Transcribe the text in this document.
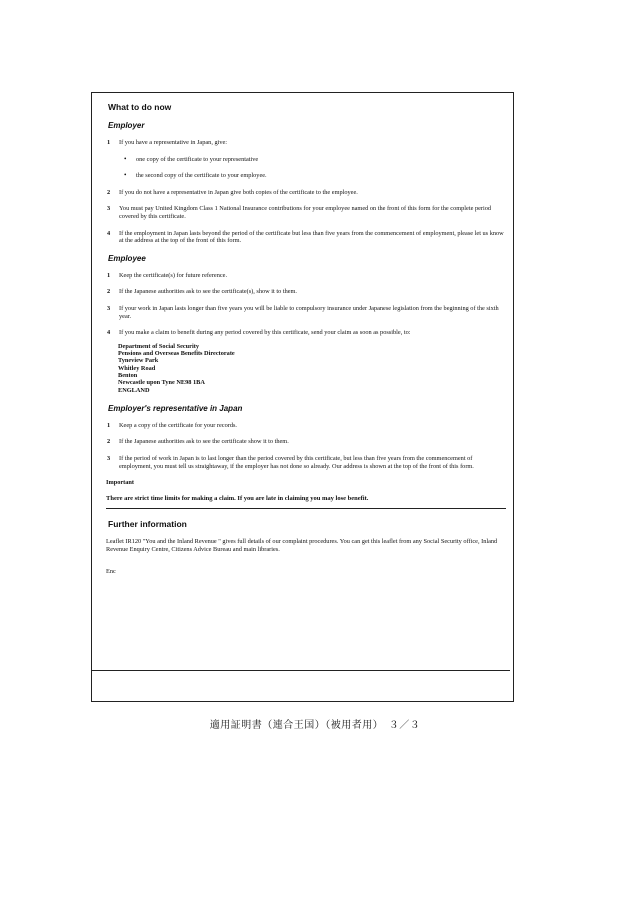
What to do now
Employer
1	If you have a representative in Japan, give:
•	one copy of the certificate to your representative
•	the second copy of the certificate to your employee.
2	If you do not have a representative in Japan give both copies of the certificate to the employee.
3	You must pay United Kingdom Class 1 National Insurance contributions for your employee named on the front of this form for the complete period covered by this certificate.
4	If the employment in Japan lasts beyond the period of the certificate but less than five years from the commencement of employment, please let us know at the address at the top of the front of this form.
Employee
1	Keep the certificate(s) for future reference.
2	If the Japanese authorities ask to see the certificate(s), show it to them.
3	If your work in Japan lasts longer than five years you will be liable to compulsory insurance under Japanese legislation from the beginning of the sixth year.
4	If you make a claim to benefit during any period covered by this certificate, send your claim as soon as possible, to:
Department of Social Security
Pensions and Overseas Benefits Directorate
Tyneview Park
Whitley Road
Benton
Newcastle upon Tyne NE98 1BA
ENGLAND
Employer's representative in Japan
1	Keep a copy of the certificate for your records.
2	If the Japanese authorities ask to see the certificate show it to them.
3	If the period of work in Japan is to last longer than the period covered by this certificate, but less than five years from the commencement of employment, you must tell us straightaway, if the employer has not done so already. Our address is shown at the top of the front of this form.
Important
There are strict time limits for making a claim. If you are late in claiming you may lose benefit.
Further information
Leaflet IR120 "You and the Inland Revenue " gives full details of our complaint procedures. You can get this leaflet from any Social Security office, Inland Revenue Enquiry Centre, Citizens Advice Bureau and main libraries.
Enc
適用証明書（連合王国）（被用者用）　３／３
